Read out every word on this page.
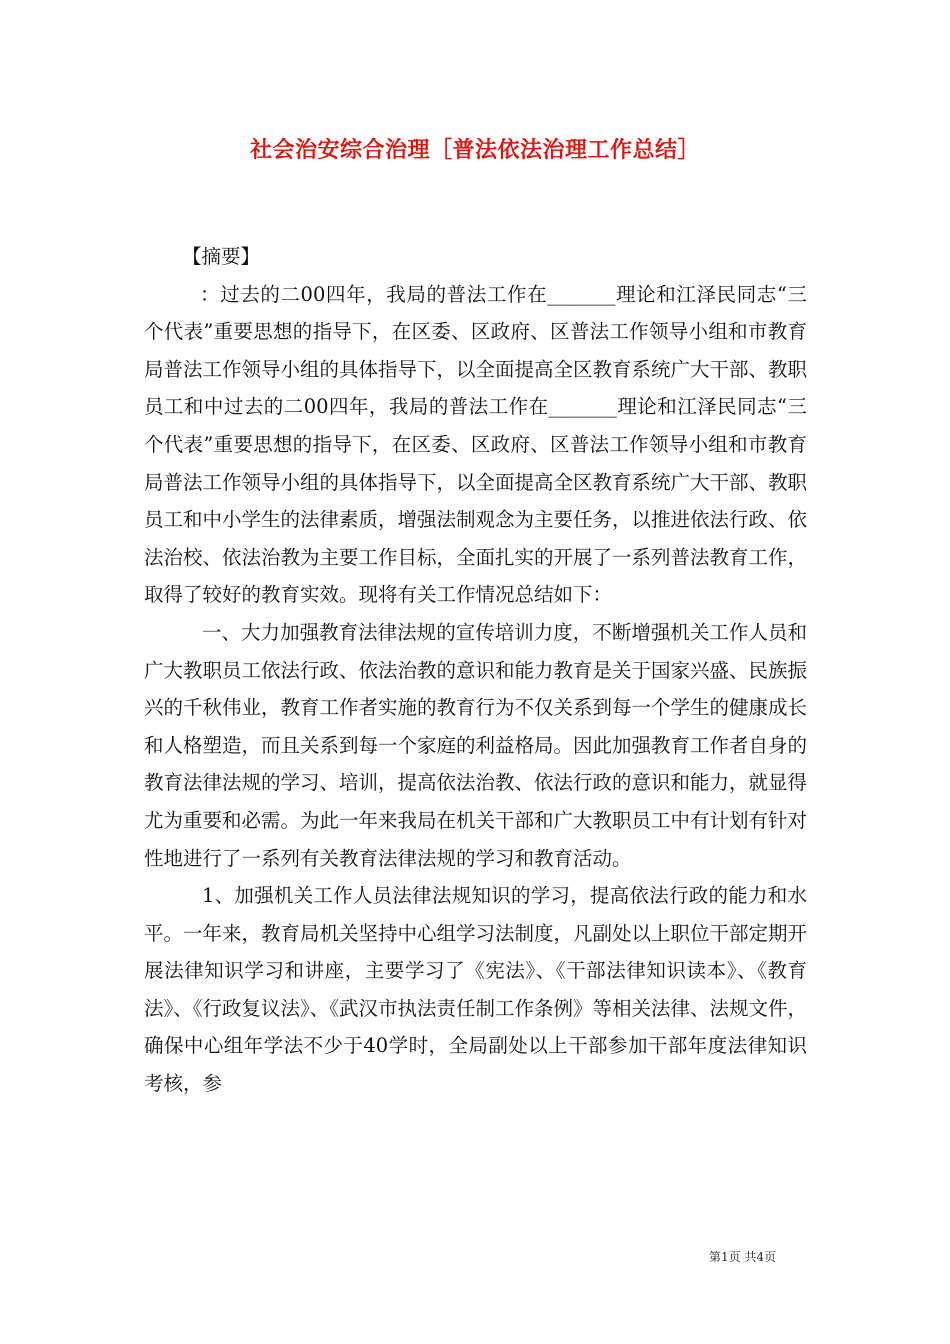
社会治安综合治理［普法依法治理工作总结］

【摘要】

：过去的二00四年，我局的普法工作在_______理论和江泽民同志“三个代表”重要思想的指导下，在区委、区政府、区普法工作领导小组和市教育局普法工作领导小组的具体指导下，以全面提高全区教育系统广大干部、教职员工和中过去的二00四年，我局的普法工作在_______理论和江泽民同志“三个代表”重要思想的指导下，在区委、区政府、区普法工作领导小组和市教育局普法工作领导小组的具体指导下，以全面提高全区教育系统广大干部、教职员工和中小学生的法律素质，增强法制观念为主要任务，以推进依法行政、依法治校、依法治教为主要工作目标，全面扎实的开展了一系列普法教育工作，取得了较好的教育实效。现将有关工作情况总结如下：

一、大力加强教育法律法规的宣传培训力度，不断增强机关工作人员和广大教职员工依法行政、依法治教的意识和能力教育是关于国家兴盛、民族振兴的千秋伟业，教育工作者实施的教育行为不仅关系到每一个学生的健康成长和人格塑造，而且关系到每一个家庭的利益格局。因此加强教育工作者自身的教育法律法规的学习、培训，提高依法治教、依法行政的意识和能力，就显得尤为重要和必需。为此一年来我局在机关干部和广大教职员工中有计划有针对性地进行了一系列有关教育法律法规的学习和教育活动。

1、加强机关工作人员法律法规知识的学习，提高依法行政的能力和水平。一年来，教育局机关坚持中心组学习法制度，凡副处以上职位干部定期开展法律知识学习和讲座，主要学习了《宪法》、《干部法律知识读本》、《教育法》、《行政复议法》、《武汉市执法责任制工作条例》等相关法律、法规文件，确保中心组年学法不少于40学时，全局副处以上干部参加干部年度法律知识考核，参

第1页 共4页
